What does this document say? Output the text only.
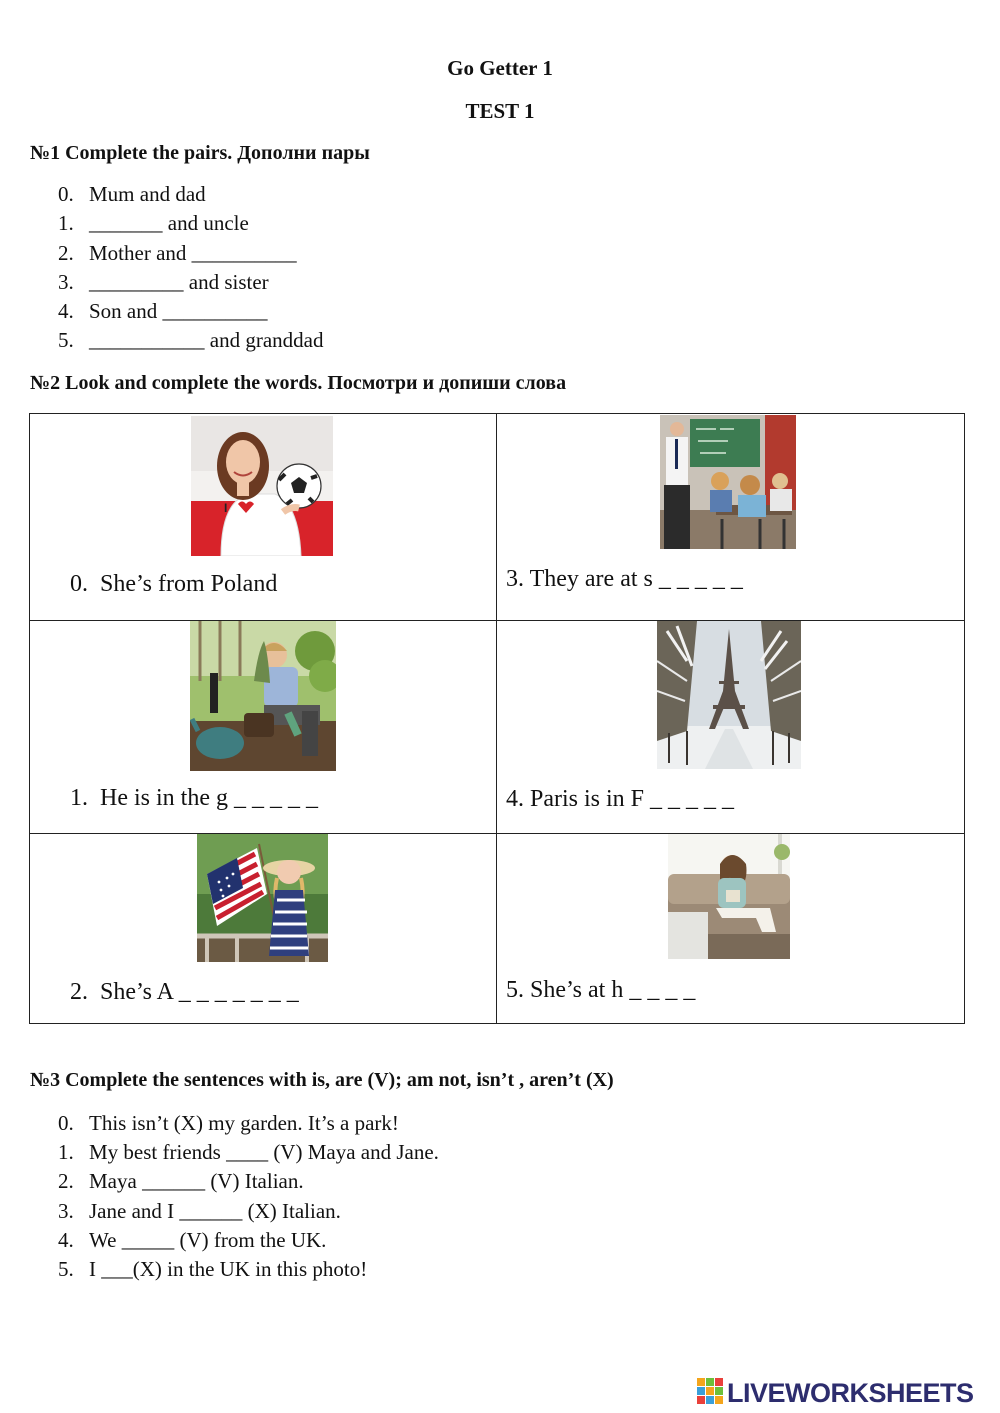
Go Getter 1
TEST 1
№1 Complete the pairs. Дополни пары
0. Mum and dad
1. _______ and uncle
2. Mother and __________
3. _________ and sister
4. Son and __________
5. ___________ and granddad
№2 Look and complete the words. Посмотри и допиши слова
I
0. She’s from Poland	3. They are at s _ _ _ _ _

1. He is in the g _ _ _ _ _	4. Paris is in F _ _ _ _ _

2. She’s A _ _ _ _ _ _ _	5. She’s at h _ _ _ _
№3 Complete the sentences with is, are (V); am not, isn’t , aren’t (X)
0. This isn’t (X) my garden. It’s a park!
1. My best friends ____ (V) Maya and Jane.
2. Maya ______ (V) Italian.
3. Jane and I ______ (X) Italian.
4. We _____ (V) from the UK.
5. I ___(X) in the UK in this photo!
LIVEWORKSHEETS
